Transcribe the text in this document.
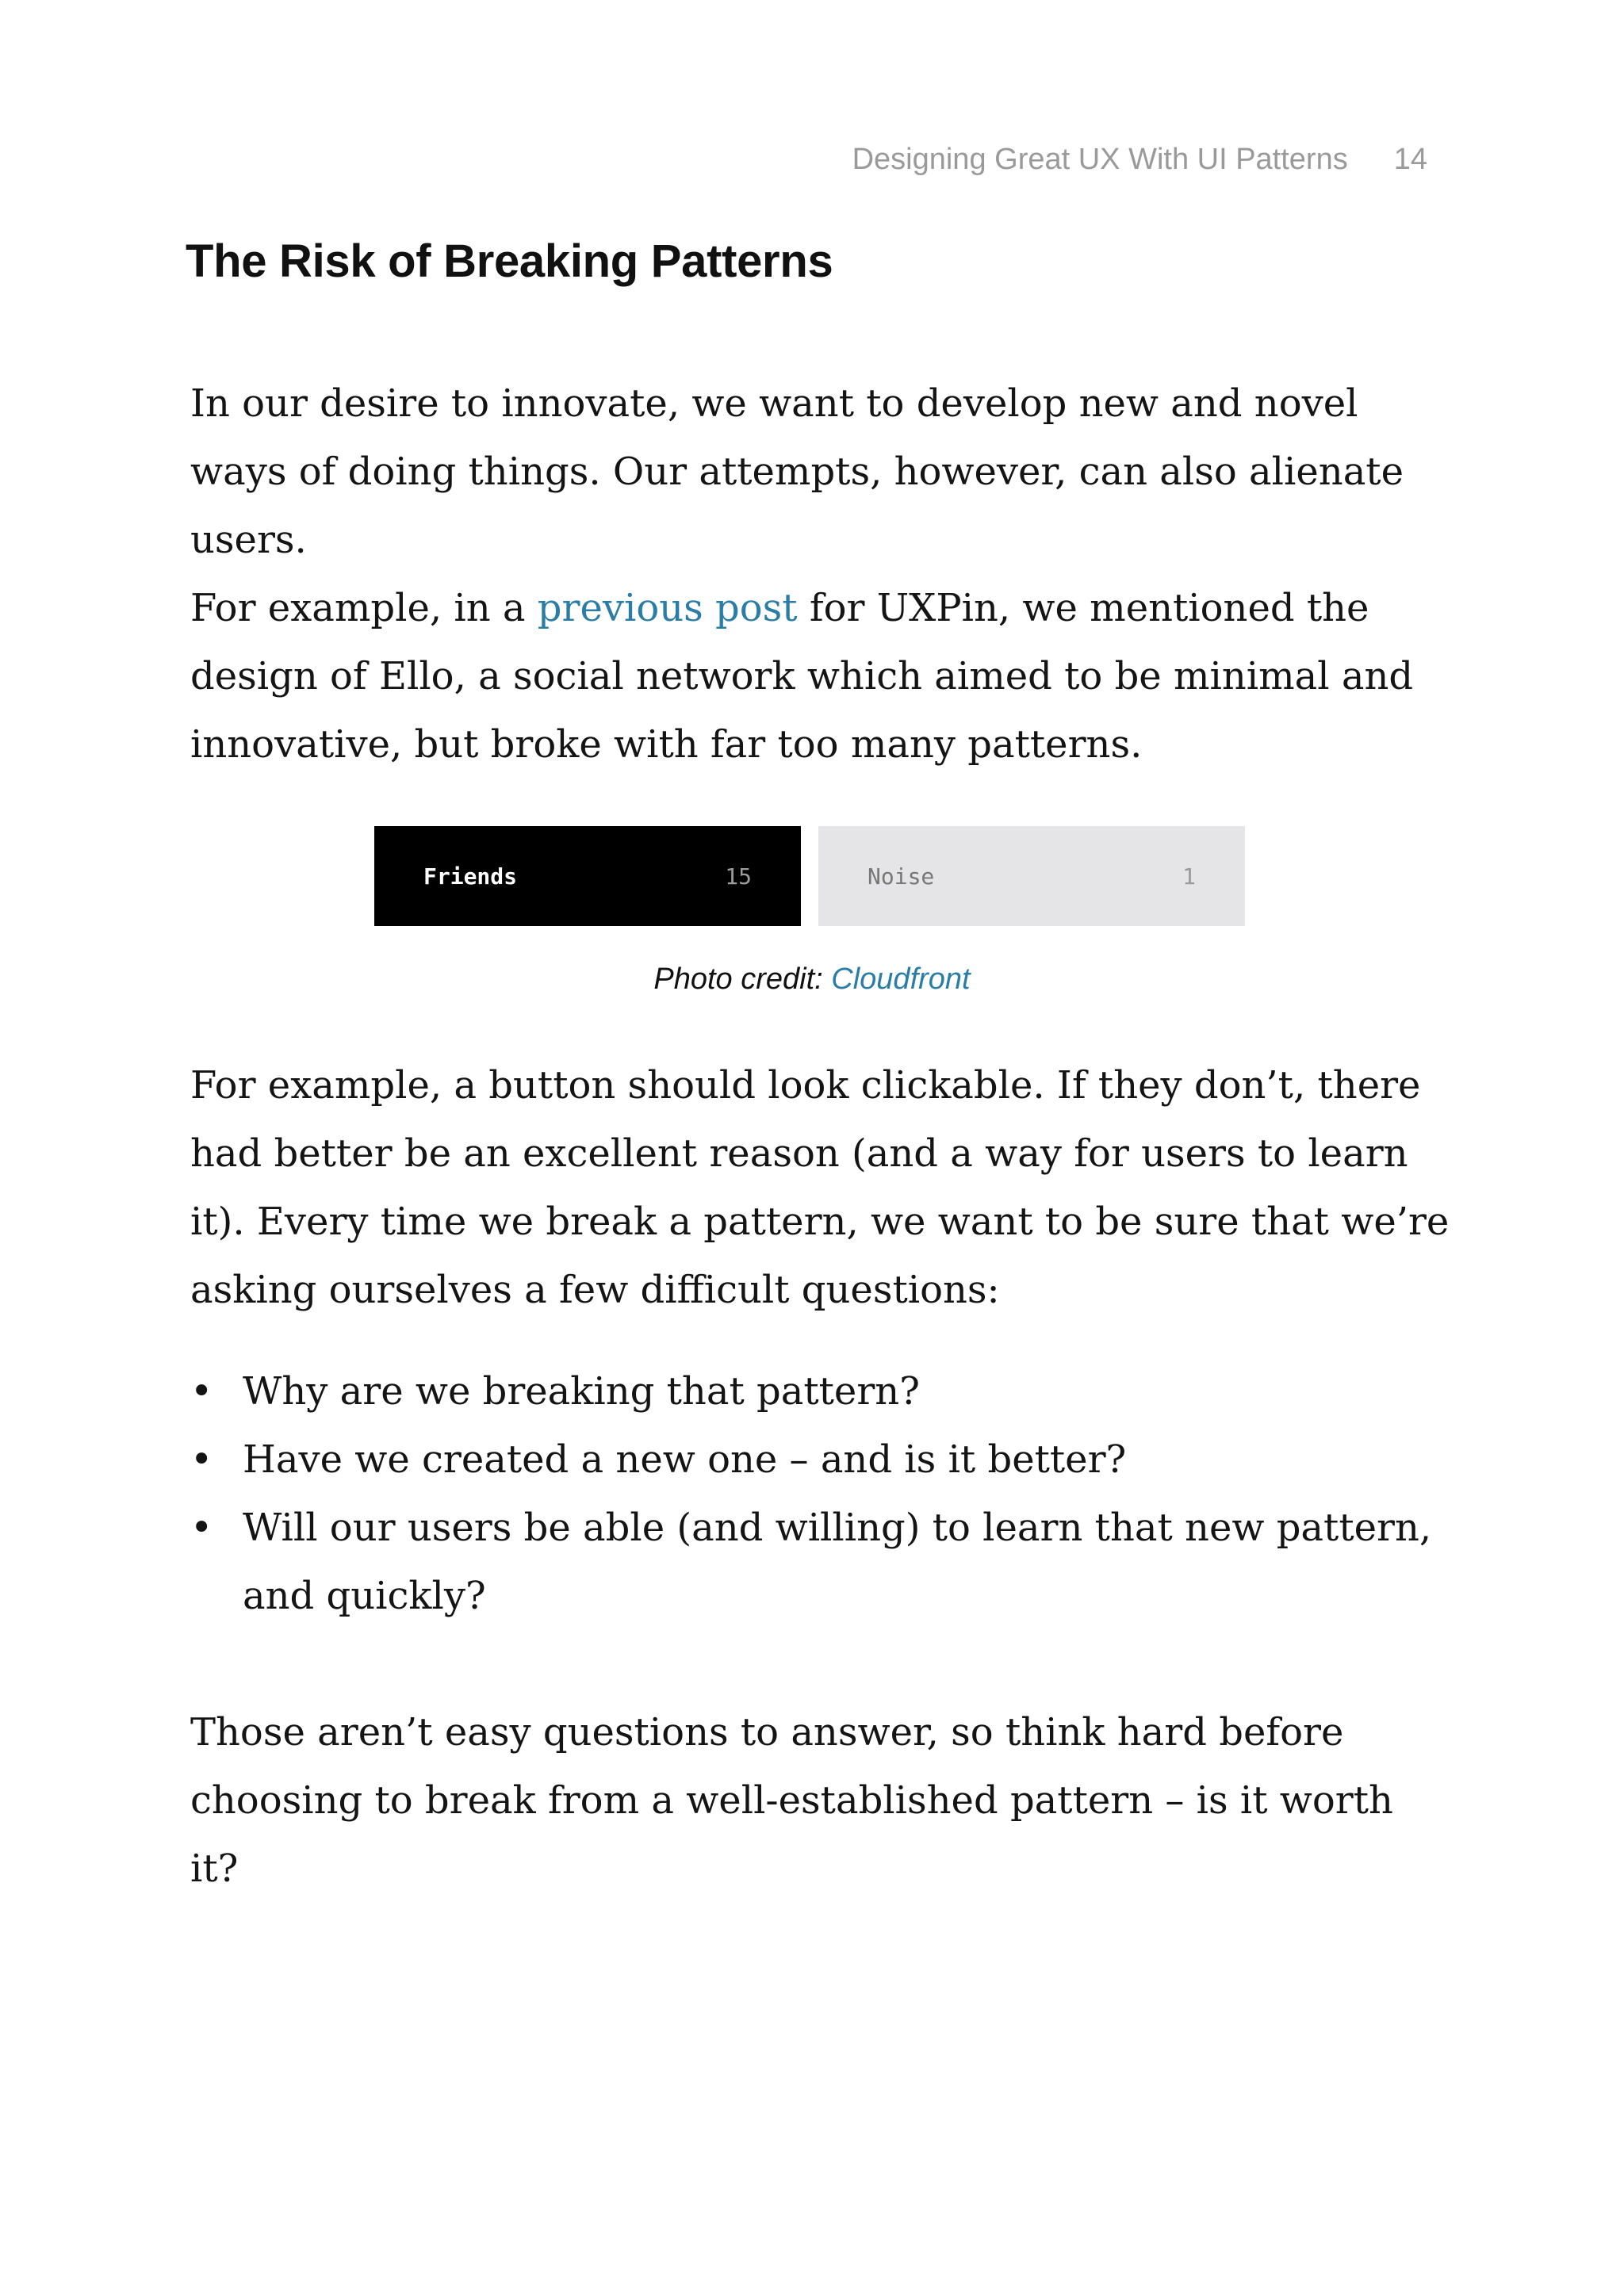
Designing Great UX With UI Patterns 14
The Risk of Breaking Patterns

In our desire to innovate, we want to develop new and novel ways of doing things. Our attempts, however, can also alienate users.

For example, in a previous post for UXPin, we mentioned the design of Ello, a social network which aimed to be minimal and innovative, but broke with far too many patterns.

Friends	15	Noise	1
Photo credit: Cloudfront

For example, a button should look clickable. If they don’t, there had better be an excellent reason (and a way for users to learn it). Every time we break a pattern, we want to be sure that we’re asking ourselves a few difficult questions:

• Why are we breaking that pattern?
• Have we created a new one – and is it better?
• Will our users be able (and willing) to learn that new pattern, and quickly?

Those aren’t easy questions to answer, so think hard before choosing to break from a well-established pattern – is it worth it?
